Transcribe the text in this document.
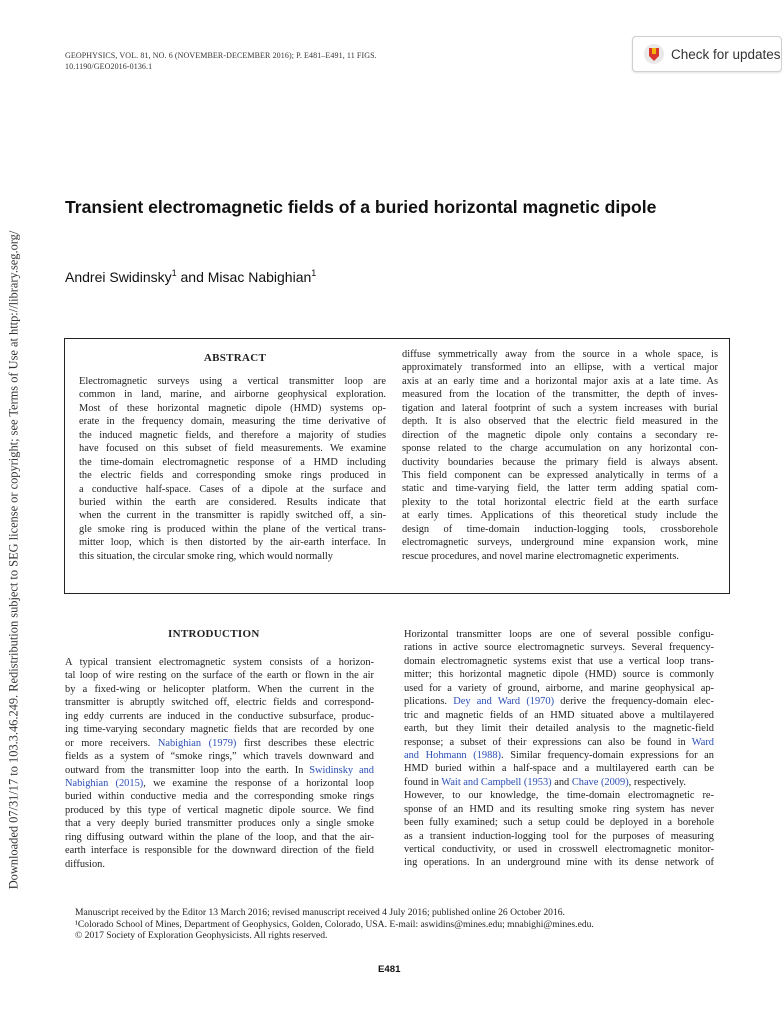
Downloaded 07/31/17 to 103.3.46.249. Redistribution subject to SEG license or copyright; see Terms of Use at http://library.seg.org/
GEOPHYSICS, VOL. 81, NO. 6 (NOVEMBER-DECEMBER 2016); P. E481–E491, 11 FIGS.
10.1190/GEO2016-0136.1
Check for updates
Transient electromagnetic fields of a buried horizontal magnetic dipole
Andrei Swidinsky$^1$ and Misac Nabighian$^1$
ABSTRACT
Electromagnetic surveys using a vertical transmitter loop are
common in land, marine, and airborne geophysical exploration.
Most of these horizontal magnetic dipole (HMD) systems op-
erate in the frequency domain, measuring the time derivative of
the induced magnetic fields, and therefore a majority of studies
have focused on this subset of field measurements. We examine
the time-domain electromagnetic response of a HMD including
the electric fields and corresponding smoke rings produced in
a conductive half-space. Cases of a dipole at the surface and
buried within the earth are considered. Results indicate that
when the current in the transmitter is rapidly switched off, a sin-
gle smoke ring is produced within the plane of the vertical trans-
mitter loop, which is then distorted by the air-earth interface. In
this situation, the circular smoke ring, which would normally
diffuse symmetrically away from the source in a whole space, is
approximately transformed into an ellipse, with a vertical major
axis at an early time and a horizontal major axis at a late time. As
measured from the location of the transmitter, the depth of inves-
tigation and lateral footprint of such a system increases with burial
depth. It is also observed that the electric field measured in the
direction of the magnetic dipole only contains a secondary re-
sponse related to the charge accumulation on any horizontal con-
ductivity boundaries because the primary field is always absent.
This field component can be expressed analytically in terms of a
static and time-varying field, the latter term adding spatial com-
plexity to the total horizontal electric field at the earth surface
at early times. Applications of this theoretical study include the
design of time-domain induction-logging tools, crossborehole
electromagnetic surveys, underground mine expansion work, mine
rescue procedures, and novel marine electromagnetic experiments.
INTRODUCTION
A typical transient electromagnetic system consists of a horizon-
tal loop of wire resting on the surface of the earth or flown in the air
by a fixed-wing or helicopter platform. When the current in the
transmitter is abruptly switched off, electric fields and correspond-
ing eddy currents are induced in the conductive subsurface, produc-
ing time-varying secondary magnetic fields that are recorded by one
or more receivers. Nabighian (1979) first describes these electric
fields as a system of “smoke rings,” which travels downward and
outward from the transmitter loop into the earth. In Swidinsky and
Nabighian (2015), we examine the response of a horizontal loop
buried within conductive media and the corresponding smoke rings
produced by this type of vertical magnetic dipole source. We find
that a very deeply buried transmitter produces only a single smoke
ring diffusing outward within the plane of the loop, and that the air-
earth interface is responsible for the downward direction of the field
diffusion.
Horizontal transmitter loops are one of several possible configu-
rations in active source electromagnetic surveys. Several frequency-
domain electromagnetic systems exist that use a vertical loop trans-
mitter; this horizontal magnetic dipole (HMD) source is commonly
used for a variety of ground, airborne, and marine geophysical ap-
plications. Dey and Ward (1970) derive the frequency-domain elec-
tric and magnetic fields of an HMD situated above a multilayered
earth, but they limit their detailed analysis to the magnetic-field
response; a subset of their expressions can also be found in Ward
and Hohmann (1988). Similar frequency-domain expressions for an
HMD buried within a half-space and a multilayered earth can be
found in Wait and Campbell (1953) and Chave (2009), respectively.
However, to our knowledge, the time-domain electromagnetic re-
sponse of an HMD and its resulting smoke ring system has never
been fully examined; such a setup could be deployed in a borehole
as a transient induction-logging tool for the purposes of measuring
vertical conductivity, or used in crosswell electromagnetic monitor-
ing operations. In an underground mine with its dense network of
Manuscript received by the Editor 13 March 2016; revised manuscript received 4 July 2016; published online 26 October 2016.
¹Colorado School of Mines, Department of Geophysics, Golden, Colorado, USA. E-mail: aswidins@mines.edu; mnabighi@mines.edu.
© 2017 Society of Exploration Geophysicists. All rights reserved.
E481
